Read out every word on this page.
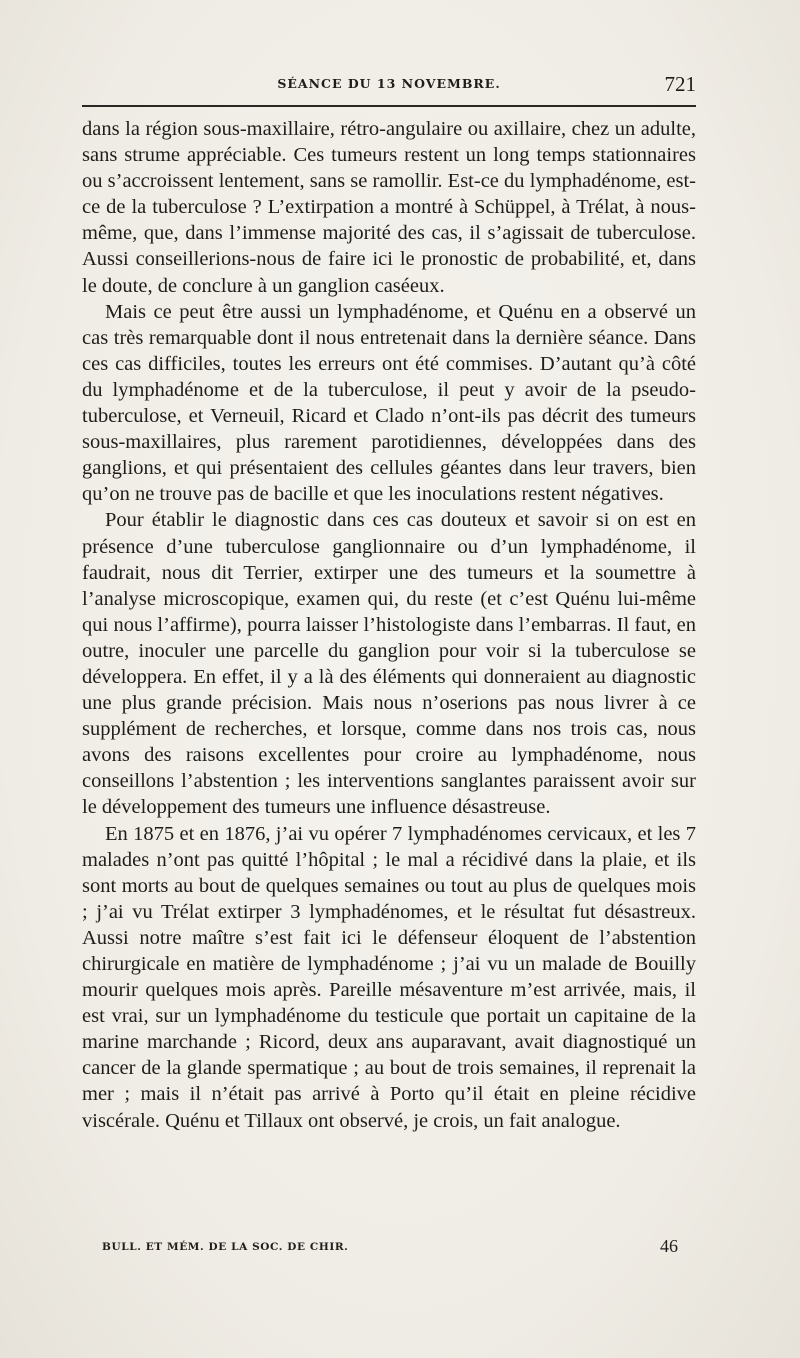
SÉANCE DU 13 NOVEMBRE.	721

dans la région sous-maxillaire, rétro-angulaire ou axillaire, chez un adulte, sans strume appréciable. Ces tumeurs restent un long temps stationnaires ou s’accroissent lentement, sans se ramollir. Est-ce du lymphadénome, est-ce de la tuberculose ? L’extirpation a montré à Schüppel, à Trélat, à nous-même, que, dans l’immense majorité des cas, il s’agissait de tuberculose. Aussi conseillerions-nous de faire ici le pronostic de probabilité, et, dans le doute, de conclure à un ganglion caséeux.

Mais ce peut être aussi un lymphadénome, et Quénu en a observé un cas très remarquable dont il nous entretenait dans la dernière séance. Dans ces cas difficiles, toutes les erreurs ont été commises. D’autant qu’à côté du lymphadénome et de la tuberculose, il peut y avoir de la pseudo-tuberculose, et Verneuil, Ricard et Clado n’ont-ils pas décrit des tumeurs sous-maxillaires, plus rarement parotidiennes, développées dans des ganglions, et qui présentaient des cellules géantes dans leur travers, bien qu’on ne trouve pas de bacille et que les inoculations restent négatives.

Pour établir le diagnostic dans ces cas douteux et savoir si on est en présence d’une tuberculose ganglionnaire ou d’un lymphadénome, il faudrait, nous dit Terrier, extirper une des tumeurs et la soumettre à l’analyse microscopique, examen qui, du reste (et c’est Quénu lui-même qui nous l’affirme), pourra laisser l’histologiste dans l’embarras. Il faut, en outre, inoculer une parcelle du ganglion pour voir si la tuberculose se développera. En effet, il y a là des éléments qui donneraient au diagnostic une plus grande précision. Mais nous n’oserions pas nous livrer à ce supplément de recherches, et lorsque, comme dans nos trois cas, nous avons des raisons excellentes pour croire au lymphadénome, nous conseillons l’abstention ; les interventions sanglantes paraissent avoir sur le développement des tumeurs une influence désastreuse.

En 1875 et en 1876, j’ai vu opérer 7 lymphadénomes cervicaux, et les 7 malades n’ont pas quitté l’hôpital ; le mal a récidivé dans la plaie, et ils sont morts au bout de quelques semaines ou tout au plus de quelques mois ; j’ai vu Trélat extirper 3 lymphadénomes, et le résultat fut désastreux. Aussi notre maître s’est fait ici le défenseur éloquent de l’abstention chirurgicale en matière de lymphadénome ; j’ai vu un malade de Bouilly mourir quelques mois après. Pareille mésaventure m’est arrivée, mais, il est vrai, sur un lymphadénome du testicule que portait un capitaine de la marine marchande ; Ricord, deux ans auparavant, avait diagnostiqué un cancer de la glande spermatique ; au bout de trois semaines, il reprenait la mer ; mais il n’était pas arrivé à Porto qu’il était en pleine récidive viscérale. Quénu et Tillaux ont observé, je crois, un fait analogue.

BULL. ET MÉM. DE LA SOC. DE CHIR.	46
